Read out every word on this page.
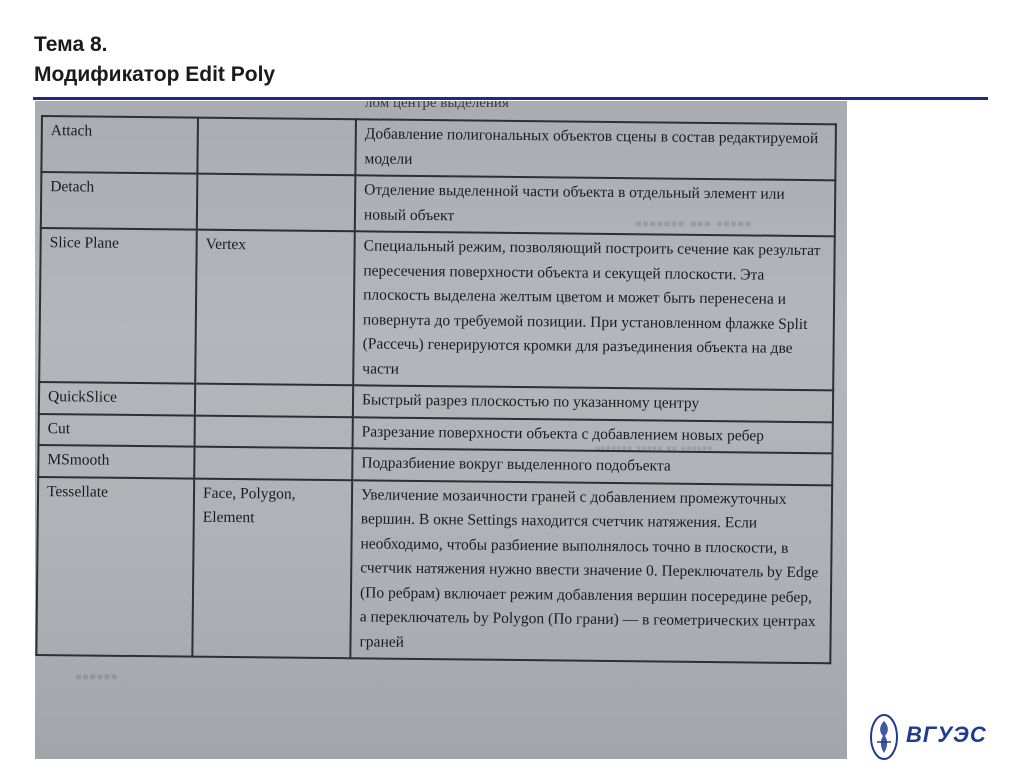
Тема 8.
Модификатор Edit Poly
лом центре выделения
▪▪▪▪▪▪▪ ▪▪▪ ▪▪▪▪▪
▪▪▪▪▪▪▪ ▪▪▪▪▪ ▪▪ ▪▪▪▪▪▪
▪▪▪▪▪▪
Attach		Добавление полигональных объектов сцены в состав редактируемой модели
Detach		Отделение выделенной части объекта в отдельный элемент или новый объект
Slice Plane	Vertex	Специальный режим, позволяющий построить сечение как результат пересечения поверхности объекта и секущей плоскости. Эта плоскость выделена желтым цветом и может быть перенесена и повернута до требуемой позиции. При установленном флажке Split (Рассечь) генерируются кромки для разъединения объекта на две части
QuickSlice		Быстрый разрез плоскостью по указанному центру
Cut		Разрезание поверхности объекта с добавлением новых ребер
MSmooth		Подразбиение вокруг выделенного подобъекта
Tessellate	Face, Polygon, Element	Увеличение мозаичности граней с добавлением промежуточных вершин. В окне Settings находится счетчик натяжения. Если необходимо, чтобы разбиение выполнялось точно в плоскости, в счетчик натяжения нужно ввести значение 0. Переключатель by Edge (По ребрам) включает режим добавления вершин посередине ребер, а переключатель by Polygon (По грани) — в геометрических центрах граней
ВГУЭС
